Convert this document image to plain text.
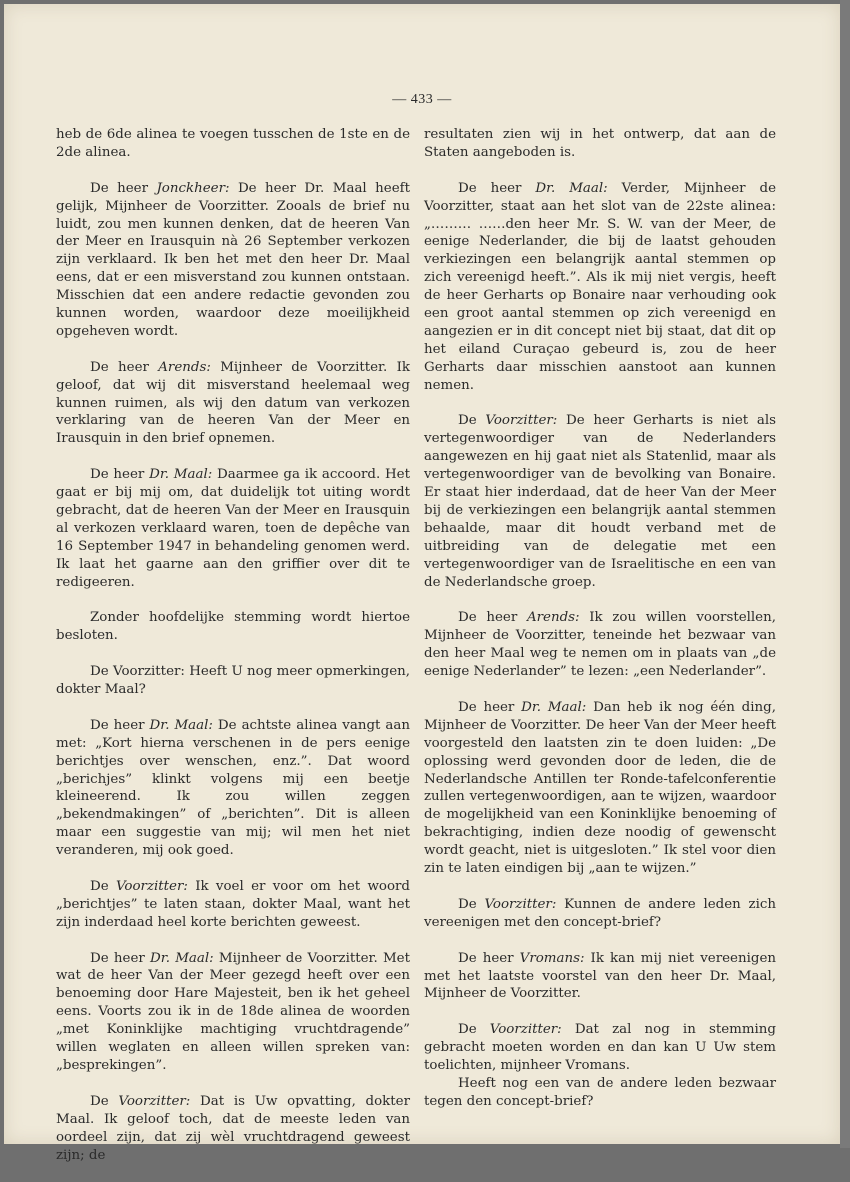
— 433 —

heb de 6de alinea te voegen tusschen de 1ste en de 2de alinea.

De heer Jonckheer: De heer Dr. Maal heeft gelijk, Mijnheer de Voorzitter. Zooals de brief nu luidt, zou men kunnen denken, dat de heeren Van der Meer en Irausquin nà 26 September verkozen zijn verklaard. Ik ben het met den heer Dr. Maal eens, dat er een misverstand zou kunnen ontstaan. Misschien dat een andere redactie gevonden zou kunnen worden, waardoor deze moeilijkheid opgeheven wordt.

De heer Arends: Mijnheer de Voorzitter. Ik geloof, dat wij dit misverstand heelemaal weg kunnen ruimen, als wij den datum van verkozen verklaring van de heeren Van der Meer en Irausquin in den brief opnemen.

De heer Dr. Maal: Daarmee ga ik accoord. Het gaat er bij mij om, dat duidelijk tot uiting wordt gebracht, dat de heeren Van der Meer en Irausquin al verkozen verklaard waren, toen de depêche van 16 September 1947 in behandeling genomen werd. Ik laat het gaarne aan den griffier over dit te redigeeren.

Zonder hoofdelijke stemming wordt hiertoe besloten.

De Voorzitter: Heeft U nog meer opmerkingen, dokter Maal?

De heer Dr. Maal: De achtste alinea vangt aan met: „Kort hierna verschenen in de pers eenige berichtjes over wenschen, enz.”. Dat woord „berichjes” klinkt volgens mij een beetje kleineerend. Ik zou willen zeggen „bekendmakingen” of „berichten”. Dit is alleen maar een suggestie van mij; wil men het niet veranderen, mij ook goed.

De Voorzitter: Ik voel er voor om het woord „berichtjes” te laten staan, dokter Maal, want het zijn inderdaad heel korte berichten geweest.

De heer Dr. Maal: Mijnheer de Voorzitter. Met wat de heer Van der Meer gezegd heeft over een benoeming door Hare Majesteit, ben ik het geheel eens. Voorts zou ik in de 18de alinea de woorden „met Koninklijke machtiging vruchtdragende” willen weglaten en alleen willen spreken van: „besprekingen”.

De Voorzitter: Dat is Uw opvatting, dokter Maal. Ik geloof toch, dat de meeste leden van oordeel zijn, dat zij wèl vruchtdragend geweest zijn; de

resultaten zien wij in het ontwerp, dat aan de Staten aangeboden is.

De heer Dr. Maal: Verder, Mijnheer de Voorzitter, staat aan het slot van de 22ste alinea: „……… ……den heer Mr. S. W. van der Meer, de eenige Nederlander, die bij de laatst gehouden verkiezingen een belangrijk aantal stemmen op zich vereenigd heeft.”. Als ik mij niet vergis, heeft de heer Gerharts op Bonaire naar verhouding ook een groot aantal stemmen op zich vereenigd en aangezien er in dit concept niet bij staat, dat dit op het eiland Curaçao gebeurd is, zou de heer Gerharts daar misschien aanstoot aan kunnen nemen.

De Voorzitter: De heer Gerharts is niet als vertegenwoordiger van de Nederlanders aangewezen en hij gaat niet als Statenlid, maar als vertegenwoordiger van de bevolking van Bonaire. Er staat hier inderdaad, dat de heer Van der Meer bij de verkiezingen een belangrijk aantal stemmen behaalde, maar dit houdt verband met de uitbreiding van de delegatie met een vertegenwoordiger van de Israelitische en een van de Nederlandsche groep.

De heer Arends: Ik zou willen voorstellen, Mijnheer de Voorzitter, teneinde het bezwaar van den heer Maal weg te nemen om in plaats van „de eenige Nederlander” te lezen: „een Nederlander”.

De heer Dr. Maal: Dan heb ik nog één ding, Mijnheer de Voorzitter. De heer Van der Meer heeft voorgesteld den laatsten zin te doen luiden: „De oplossing werd gevonden door de leden, die de Nederlandsche Antillen ter Ronde-tafelconferentie zullen vertegenwoordigen, aan te wijzen, waardoor de mogelijkheid van een Koninklijke benoeming of bekrachtiging, indien deze noodig of gewenscht wordt geacht, niet is uitgesloten.” Ik stel voor dien zin te laten eindigen bij „aan te wijzen.”

De Voorzitter: Kunnen de andere leden zich vereenigen met den concept-brief?

De heer Vromans: Ik kan mij niet vereenigen met het laatste voorstel van den heer Dr. Maal, Mijnheer de Voorzitter.

De Voorzitter: Dat zal nog in stemming gebracht moeten worden en dan kan U Uw stem toelichten, mijnheer Vromans.

Heeft nog een van de andere leden bezwaar tegen den concept-brief?
